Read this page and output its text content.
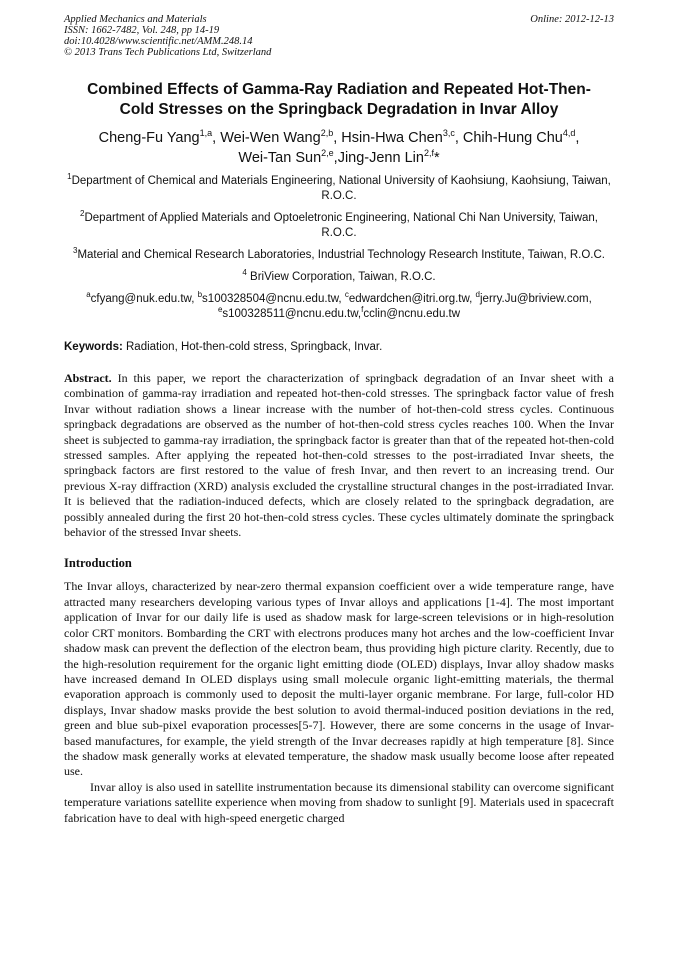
Applied Mechanics and Materials
ISSN: 1662-7482, Vol. 248, pp 14-19
doi:10.4028/www.scientific.net/AMM.248.14
© 2013 Trans Tech Publications Ltd, Switzerland
Online: 2012-12-13
Combined Effects of Gamma-Ray Radiation and Repeated Hot-Then-
Cold Stresses on the Springback Degradation in Invar Alloy
Cheng-Fu Yang$^{1,a}$, Wei-Wen Wang$^{2,b}$, Hsin-Hwa Chen$^{3,c}$, Chih-Hung Chu$^{4,d}$,
Wei-Tan Sun$^{2,e}$,Jing-Jenn Lin$^{2,f}$*
$^1$Department of Chemical and Materials Engineering, National University of Kaohsiung, Kaohsiung, Taiwan, R.O.C.
$^2$Department of Applied Materials and Optoeletronic Engineering, National Chi Nan University, Taiwan, R.O.C.
$^3$Material and Chemical Research Laboratories, Industrial Technology Research Institute, Taiwan, R.O.C.
$^4$ BriView Corporation, Taiwan, R.O.C.
$^a$cfyang@nuk.edu.tw, $^b$s100328504@ncnu.edu.tw, $^c$edwardchen@itri.org.tw, $^d$jerry.Ju@briview.com,
$^e$s100328511@ncnu.edu.tw,$^f$cclin@ncnu.edu.tw
Keywords: Radiation, Hot-then-cold stress, Springback, Invar.

Abstract. In this paper, we report the characterization of springback degradation of an Invar sheet with a combination of gamma-ray irradiation and repeated hot-then-cold stresses. The springback factor value of fresh Invar without radiation shows a linear increase with the number of hot-then-cold stress cycles. Continuous springback degradations are observed as the number of hot-then-cold stress cycles reaches 100. When the Invar sheet is subjected to gamma-ray irradiation, the springback factor is greater than that of the repeated hot-then-cold stressed samples. After applying the repeated hot-then-cold stresses to the post-irradiated Invar sheets, the springback factors are first restored to the value of fresh Invar, and then revert to an increasing trend. Our previous X-ray diffraction (XRD) analysis excluded the crystalline structural changes in the post-irradiated Invar. It is believed that the radiation-induced defects, which are closely related to the springback degradation, are possibly annealed during the first 20 hot-then-cold stress cycles. These cycles ultimately dominate the springback behavior of the stressed Invar sheets.

Introduction

The Invar alloys, characterized by near-zero thermal expansion coefficient over a wide temperature range, have attracted many researchers developing various types of Invar alloys and applications [1-4]. The most important application of Invar for our daily life is used as shadow mask for large-screen televisions or in high-resolution color CRT monitors. Bombarding the CRT with electrons produces many hot arches and the low-coefficient Invar shadow mask can prevent the deflection of the electron beam, thus providing high picture clarity. Recently, due to the high-resolution requirement for the organic light emitting diode (OLED) displays, Invar alloy shadow masks have increased demand In OLED displays using small molecule organic light-emitting materials, the thermal evaporation approach is commonly used to deposit the multi-layer organic membrane. For large, full-color HD displays, Invar shadow masks provide the best solution to avoid thermal-induced position deviations in the red, green and blue sub-pixel evaporation processes[5-7]. However, there are some concerns in the usage of Invar-based manufactures, for example, the yield strength of the Invar decreases rapidly at high temperature [8]. Since the shadow mask generally works at elevated temperature, the shadow mask usually become loose after repeated use.

Invar alloy is also used in satellite instrumentation because its dimensional stability can overcome significant temperature variations satellite experience when moving from shadow to sunlight [9]. Materials used in spacecraft fabrication have to deal with high-speed energetic charged
